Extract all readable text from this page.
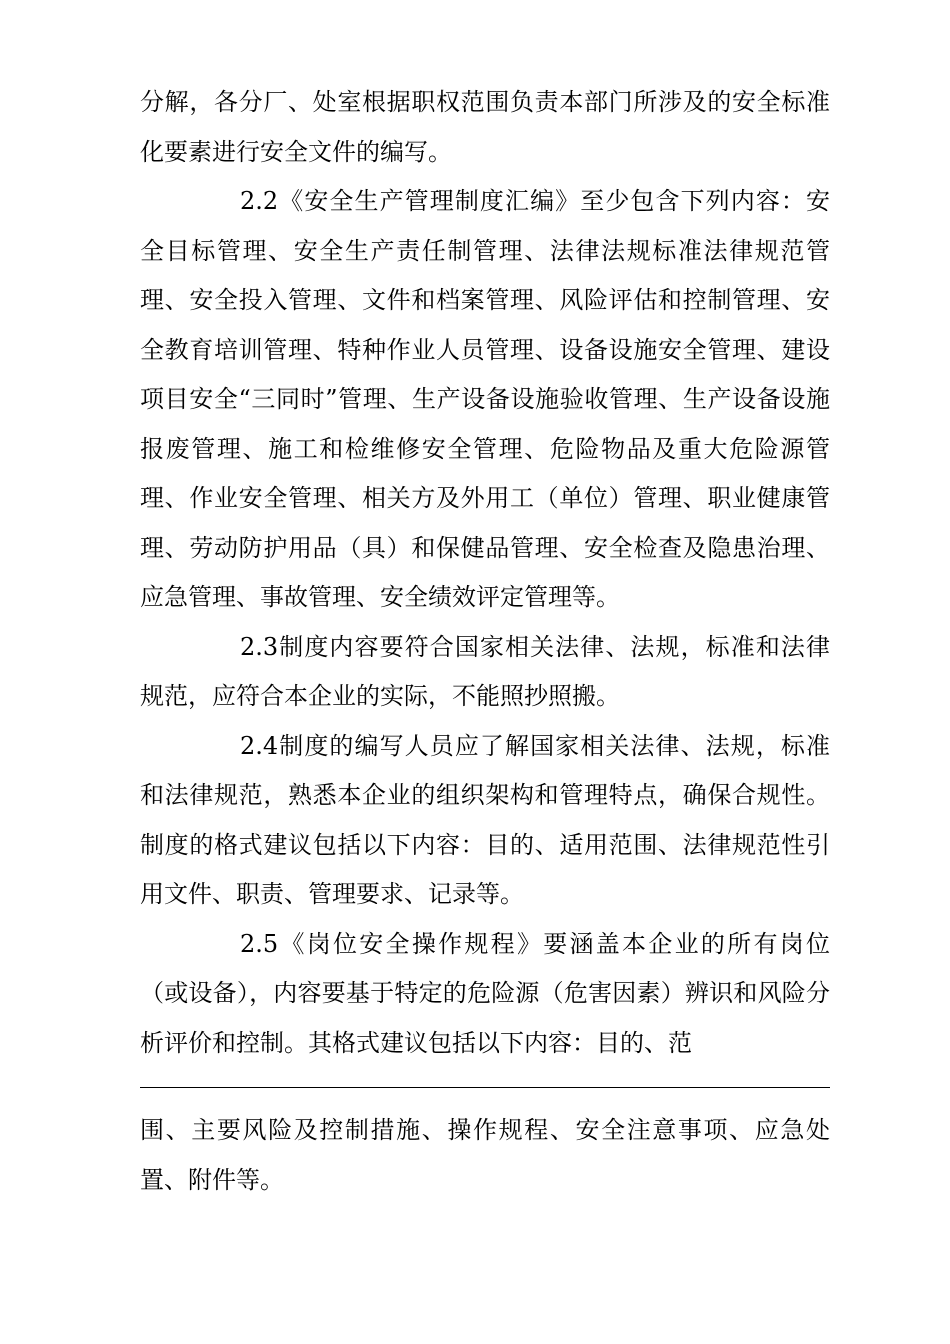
分解，各分厂、处室根据职权范围负责本部门所涉及的安全标准化要素进行安全文件的编写。

2.2《安全生产管理制度汇编》至少包含下列内容：安全目标管理、安全生产责任制管理、法律法规标准法律规范管理、安全投入管理、文件和档案管理、风险评估和控制管理、安全教育培训管理、特种作业人员管理、设备设施安全管理、建设项目安全“三同时”管理、生产设备设施验收管理、生产设备设施报废管理、施工和检维修安全管理、危险物品及重大危险源管理、作业安全管理、相关方及外用工（单位）管理、职业健康管理、劳动防护用品（具）和保健品管理、安全检查及隐患治理、应急管理、事故管理、安全绩效评定管理等。

2.3制度内容要符合国家相关法律、法规，标准和法律规范，应符合本企业的实际，不能照抄照搬。

2.4制度的编写人员应了解国家相关法律、法规，标准和法律规范，熟悉本企业的组织架构和管理特点，确保合规性。制度的格式建议包括以下内容：目的、适用范围、法律规范性引用文件、职责、管理要求、记录等。

2.5《岗位安全操作规程》要涵盖本企业的所有岗位（或设备），内容要基于特定的危险源（危害因素）辨识和风险分析评价和控制。其格式建议包括以下内容：目的、范

围、主要风险及控制措施、操作规程、安全注意事项、应急处置、附件等。
